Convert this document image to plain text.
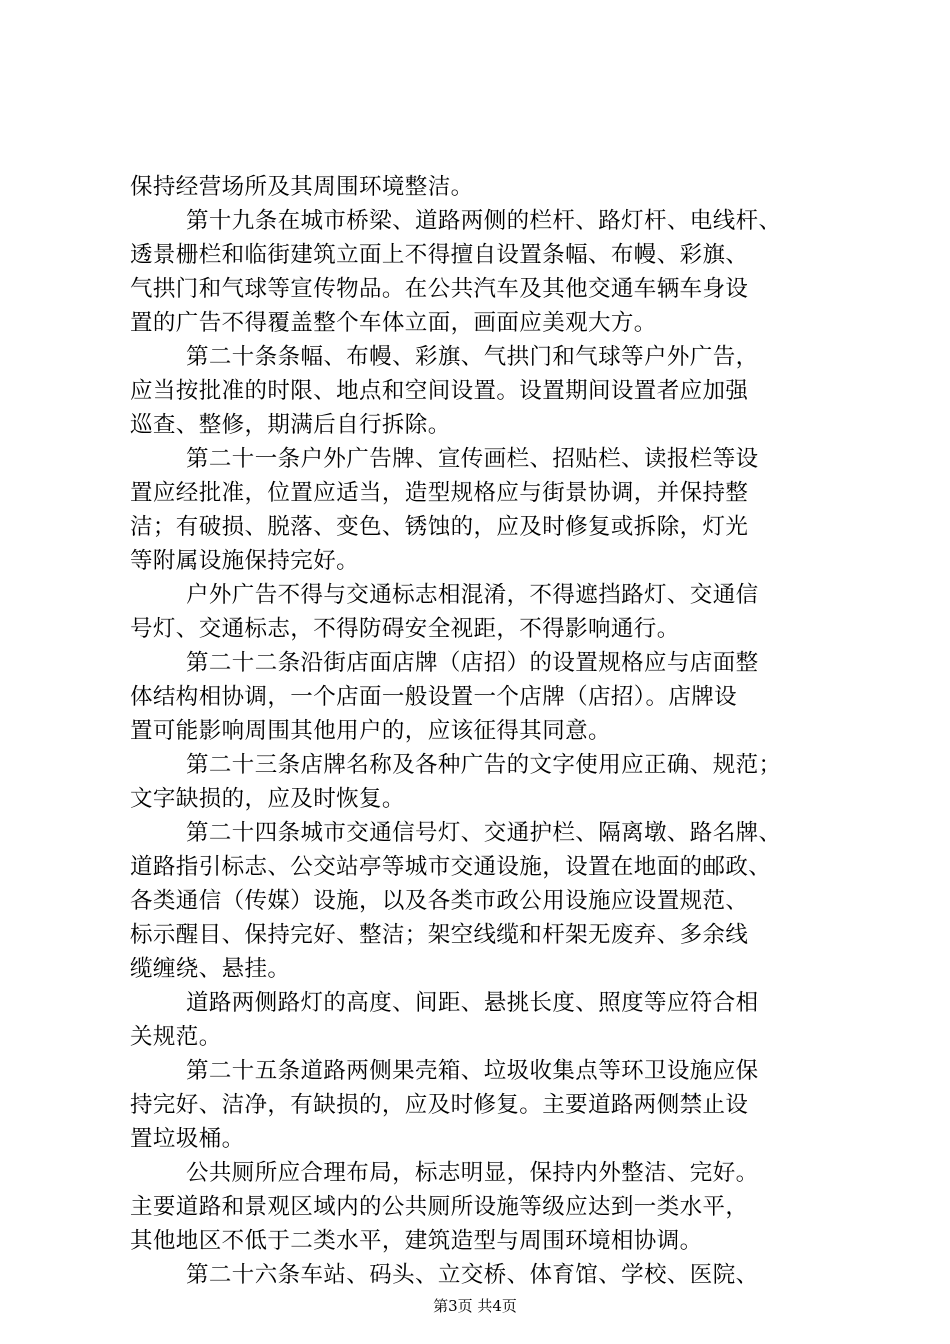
保持经营场所及其周围环境整洁。
第十九条在城市桥梁、道路两侧的栏杆、路灯杆、电线杆、
透景栅栏和临街建筑立面上不得擅自设置条幅、布幔、彩旗、
气拱门和气球等宣传物品。在公共汽车及其他交通车辆车身设
置的广告不得覆盖整个车体立面，画面应美观大方。
第二十条条幅、布幔、彩旗、气拱门和气球等户外广告，
应当按批准的时限、地点和空间设置。设置期间设置者应加强
巡查、整修，期满后自行拆除。
第二十一条户外广告牌、宣传画栏、招贴栏、读报栏等设
置应经批准，位置应适当，造型规格应与街景协调，并保持整
洁；有破损、脱落、变色、锈蚀的，应及时修复或拆除，灯光
等附属设施保持完好。
户外广告不得与交通标志相混淆，不得遮挡路灯、交通信
号灯、交通标志，不得防碍安全视距，不得影响通行。
第二十二条沿街店面店牌（店招）的设置规格应与店面整
体结构相协调，一个店面一般设置一个店牌（店招）。店牌设
置可能影响周围其他用户的，应该征得其同意。
第二十三条店牌名称及各种广告的文字使用应正确、规范；
文字缺损的，应及时恢复。
第二十四条城市交通信号灯、交通护栏、隔离墩、路名牌、
道路指引标志、公交站亭等城市交通设施，设置在地面的邮政、
各类通信（传媒）设施，以及各类市政公用设施应设置规范、
标示醒目、保持完好、整洁；架空线缆和杆架无废弃、多余线
缆缠绕、悬挂。
道路两侧路灯的高度、间距、悬挑长度、照度等应符合相
关规范。
第二十五条道路两侧果壳箱、垃圾收集点等环卫设施应保
持完好、洁净，有缺损的，应及时修复。主要道路两侧禁止设
置垃圾桶。
公共厕所应合理布局，标志明显，保持内外整洁、完好。
主要道路和景观区域内的公共厕所设施等级应达到一类水平，
其他地区不低于二类水平，建筑造型与周围环境相协调。
第二十六条车站、码头、立交桥、体育馆、学校、医院、
第3页 共4页
